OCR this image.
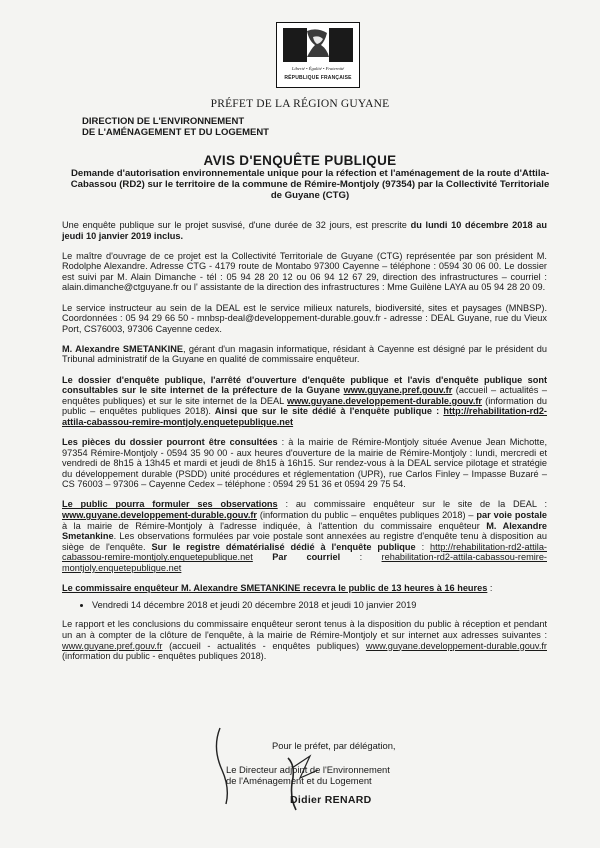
Liberté • Égalité • Fraternité
RÉPUBLIQUE FRANÇAISE
PRÉFET DE LA RÉGION GUYANE
DIRECTION DE L'ENVIRONNEMENT
DE L'AMÉNAGEMENT ET DU LOGEMENT
AVIS D'ENQUÊTE PUBLIQUE
Demande d'autorisation environnementale unique pour la réfection et l'aménagement de la route d'Attila-Cabassou (RD2) sur le territoire de la commune de Rémire-Montjoly (97354) par la Collectivité Territoriale de Guyane (CTG)

Une enquête publique sur le projet susvisé, d'une durée de 32 jours, est prescrite du lundi 10 décembre 2018 au jeudi 10 janvier 2019 inclus.

Le maître d'ouvrage de ce projet est la Collectivité Territoriale de Guyane (CTG) représentée par son président M. Rodolphe Alexandre. Adresse CTG - 4179 route de Montabo 97300 Cayenne – téléphone : 0594 30 06 00. Le dossier est suivi par M. Alain Dimanche - tél : 05 94 28 20 12 ou 06 94 12 67 29, direction des infrastructures – courriel : alain.dimanche@ctguyane.fr ou l' assistante de la direction des infrastructures : Mme Guilène LAYA au 05 94 28 20 09.

Le service instructeur au sein de la DEAL est le service milieux naturels, biodiversité, sites et paysages (MNBSP). Coordonnées : 05 94 29 66 50 - mnbsp-deal@developpement-durable.gouv.fr - adresse : DEAL Guyane, rue du Vieux Port, CS76003, 97306 Cayenne cedex.

M. Alexandre SMETANKINE, gérant d'un magasin informatique, résidant à Cayenne est désigné par le président du Tribunal administratif de la Guyane en qualité de commissaire enquêteur.

Le dossier d'enquête publique, l'arrêté d'ouverture d'enquête publique et l'avis d'enquête publique sont consultables sur le site internet de la préfecture de la Guyane www.guyane.pref.gouv.fr (accueil – actualités – enquêtes publiques) et sur le site internet de la DEAL www.guyane.developpement-durable.gouv.fr (information du public – enquêtes publiques 2018). Ainsi que sur le site dédié à l'enquête publique : http://rehabilitation-rd2-attila-cabassou-remire-montjoly.enquetepublique.net

Les pièces du dossier pourront être consultées : à la mairie de Rémire-Montjoly située Avenue Jean Michotte, 97354 Rémire-Montjoly - 0594 35 90 00 - aux heures d'ouverture de la mairie de Rémire-Montjoly : lundi, mercredi et vendredi de 8h15 à 13h45 et mardi et jeudi de 8h15 à 16h15. Sur rendez-vous à la DEAL service pilotage et stratégie du développement durable (PSDD) unité procédures et réglementation (UPR), rue Carlos Finley – Impasse Buzaré – CS 76003 – 97306 – Cayenne Cedex – téléphone : 0594 29 51 36 et 0594 29 75 54.

Le public pourra formuler ses observations : au commissaire enquêteur sur le site de la DEAL : www.guyane.developpement-durable.gouv.fr (information du public – enquêtes publiques 2018) – par voie postale à la mairie de Rémire-Montjoly à l'adresse indiquée, à l'attention du commissaire enquêteur M. Alexandre Smetankine. Les observations formulées par voie postale sont annexées au registre d'enquête tenu à disposition au siège de l'enquête. Sur le registre dématérialisé dédié à l'enquête publique : http://rehabilitation-rd2-attila-cabassou-remire-montjoly.enquetepublique.net Par courriel : rehabilitation-rd2-attila-cabassou-remire-montjoly.enquetepublique.net

Le commissaire enquêteur M. Alexandre SMETANKINE recevra le public de 13 heures à 16 heures :

• Vendredi 14 décembre 2018 et jeudi 20 décembre 2018 et jeudi 10 janvier 2019

Le rapport et les conclusions du commissaire enquêteur seront tenus à la disposition du public à réception et pendant un an à compter de la clôture de l'enquête, à la mairie de Rémire-Montjoly et sur internet aux adresses suivantes : www.guyane.pref.gouv.fr (accueil - actualités - enquêtes publiques) www.guyane.developpement-durable.gouv.fr (information du public - enquêtes publiques 2018).

Pour le préfet, par délégation,
Le Directeur adjoint de l'Environnement
de l'Aménagement et du Logement
Didier RENARD
